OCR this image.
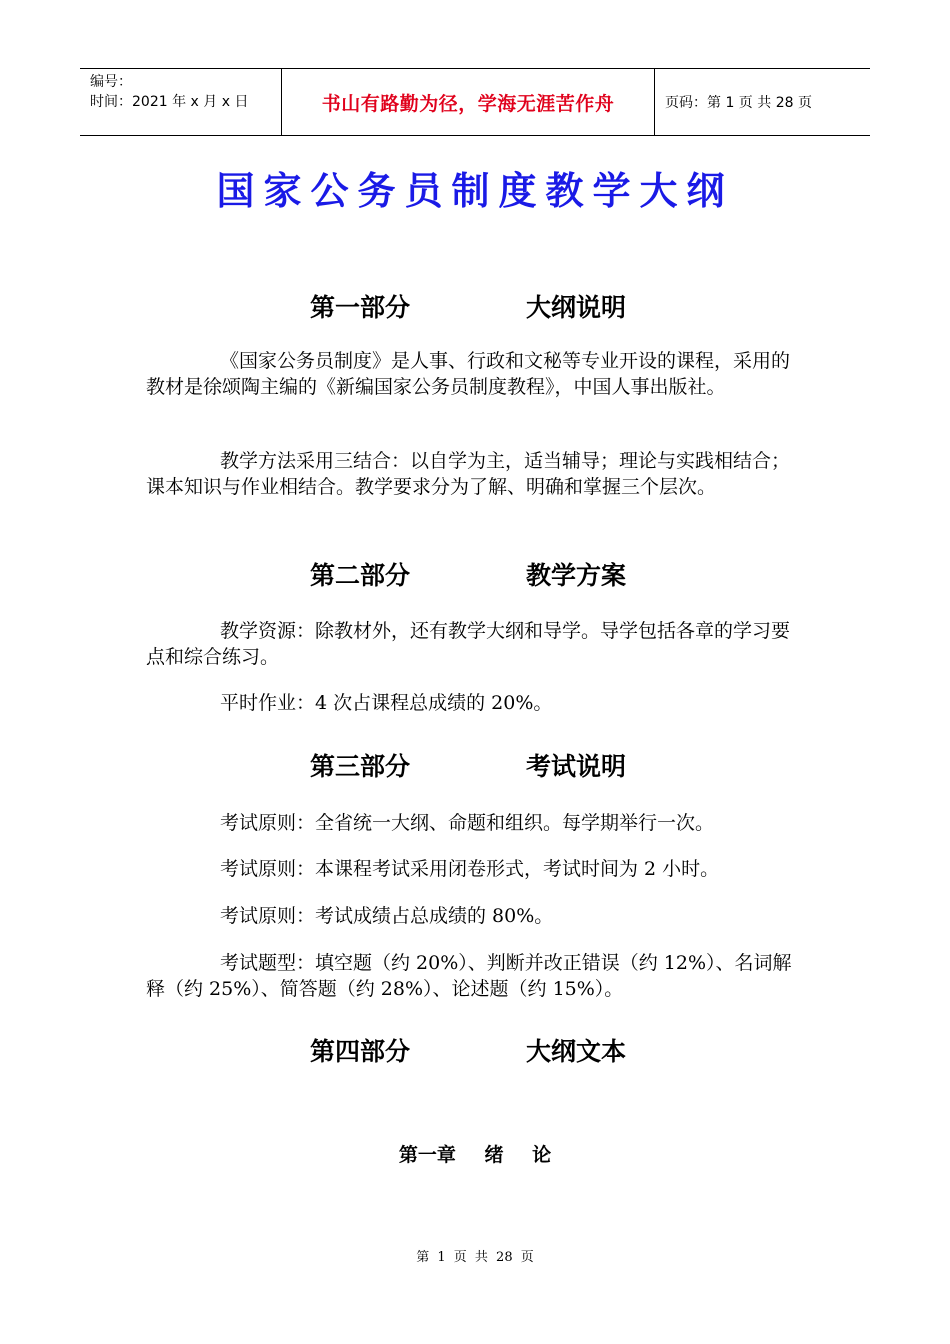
编号：
时间：2021 年 x 月 x 日	书山有路勤为径，学海无涯苦作舟	页码：第 1 页 共 28 页
国家公务员制度教学大纲
第一部分	大纲说明

《国家公务员制度》是人事、行政和文秘等专业开设的课程，采用的教材是徐颂陶主编的《新编国家公务员制度教程》，中国人事出版社。

教学方法采用三结合：以自学为主，适当辅导；理论与实践相结合；课本知识与作业相结合。教学要求分为了解、明确和掌握三个层次。

第二部分	教学方案

教学资源：除教材外，还有教学大纲和导学。导学包括各章的学习要点和综合练习。

平时作业：4 次占课程总成绩的 20%。

第三部分	考试说明

考试原则：全省统一大纲、命题和组织。每学期举行一次。

考试原则：本课程考试采用闭卷形式，考试时间为 2 小时。

考试原则：考试成绩占总成绩的 80%。

考试题型：填空题（约 20%）、判断并改正错误（约 12%）、名词解释（约 25%）、简答题（约 28%）、论述题（约 15%）。

第四部分	大纲文本
第一章 绪 论
第 1 页 共 28 页
